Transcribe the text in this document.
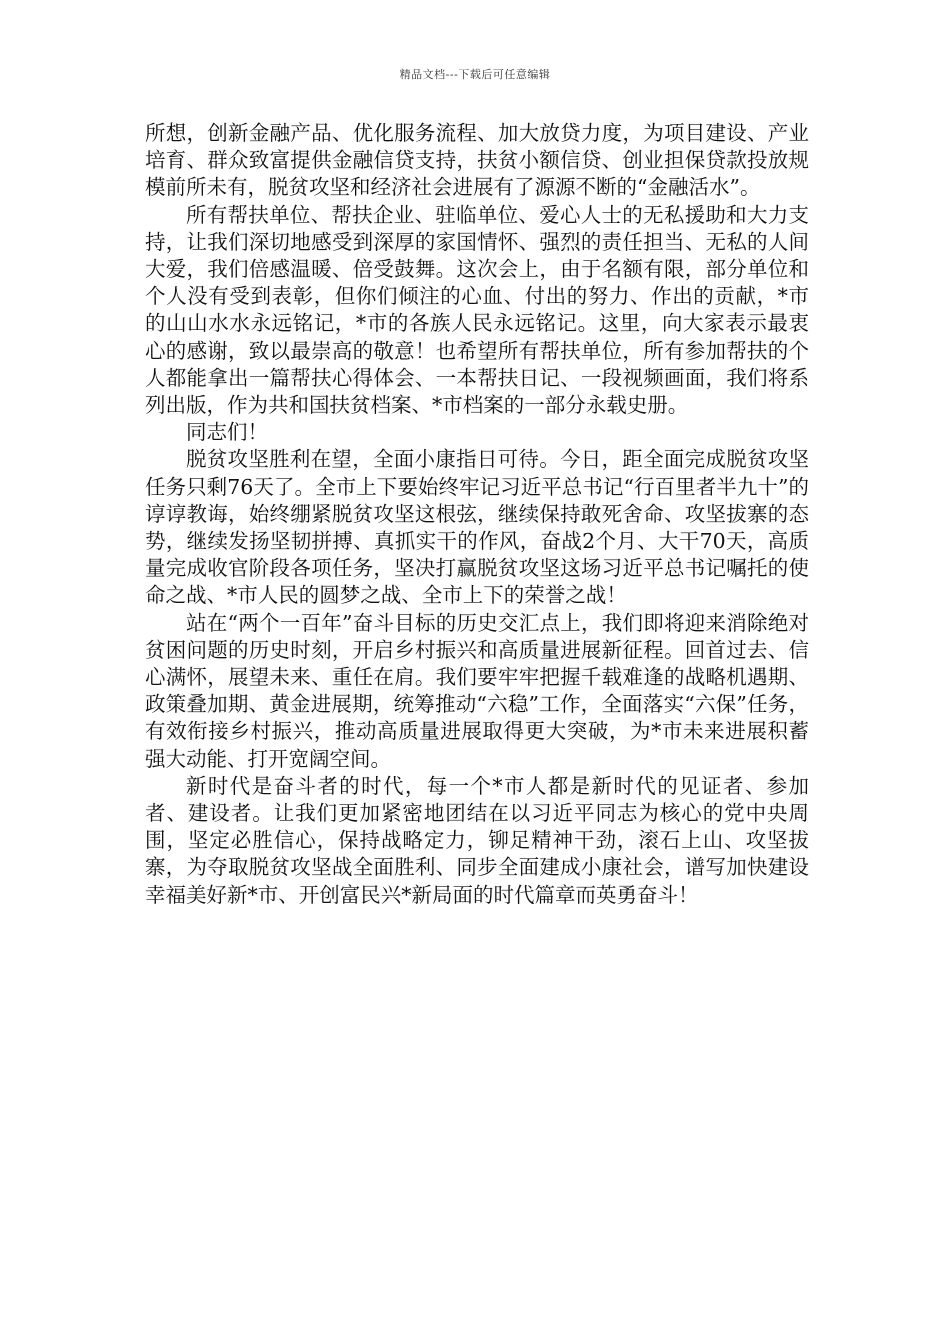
精品文档---下载后可任意编辑

所想，创新金融产品、优化服务流程、加大放贷力度，为项目建设、产业培育、群众致富提供金融信贷支持，扶贫小额信贷、创业担保贷款投放规模前所未有，脱贫攻坚和经济社会进展有了源源不断的“金融活水”。

所有帮扶单位、帮扶企业、驻临单位、爱心人士的无私援助和大力支持，让我们深切地感受到深厚的家国情怀、强烈的责任担当、无私的人间大爱，我们倍感温暖、倍受鼓舞。这次会上，由于名额有限，部分单位和个人没有受到表彰，但你们倾注的心血、付出的努力、作出的贡献，*市的山山水水永远铭记，*市的各族人民永远铭记。这里，向大家表示最衷心的感谢，致以最崇高的敬意！也希望所有帮扶单位，所有参加帮扶的个人都能拿出一篇帮扶心得体会、一本帮扶日记、一段视频画面，我们将系列出版，作为共和国扶贫档案、*市档案的一部分永载史册。

同志们！

脱贫攻坚胜利在望，全面小康指日可待。今日，距全面完成脱贫攻坚任务只剩76天了。全市上下要始终牢记习近平总书记“行百里者半九十”的谆谆教诲，始终绷紧脱贫攻坚这根弦，继续保持敢死舍命、攻坚拔寨的态势，继续发扬坚韧拼搏、真抓实干的作风，奋战2个月、大干70天，高质量完成收官阶段各项任务，坚决打赢脱贫攻坚这场习近平总书记嘱托的使命之战、*市人民的圆梦之战、全市上下的荣誉之战！

站在“两个一百年”奋斗目标的历史交汇点上，我们即将迎来消除绝对贫困问题的历史时刻，开启乡村振兴和高质量进展新征程。回首过去、信心满怀，展望未来、重任在肩。我们要牢牢把握千载难逢的战略机遇期、政策叠加期、黄金进展期，统筹推动“六稳”工作，全面落实“六保”任务，有效衔接乡村振兴，推动高质量进展取得更大突破，为*市未来进展积蓄强大动能、打开宽阔空间。

新时代是奋斗者的时代，每一个*市人都是新时代的见证者、参加者、建设者。让我们更加紧密地团结在以习近平同志为核心的党中央周围，坚定必胜信心，保持战略定力，铆足精神干劲，滚石上山、攻坚拔寨，为夺取脱贫攻坚战全面胜利、同步全面建成小康社会，谱写加快建设幸福美好新*市、开创富民兴*新局面的时代篇章而英勇奋斗！
